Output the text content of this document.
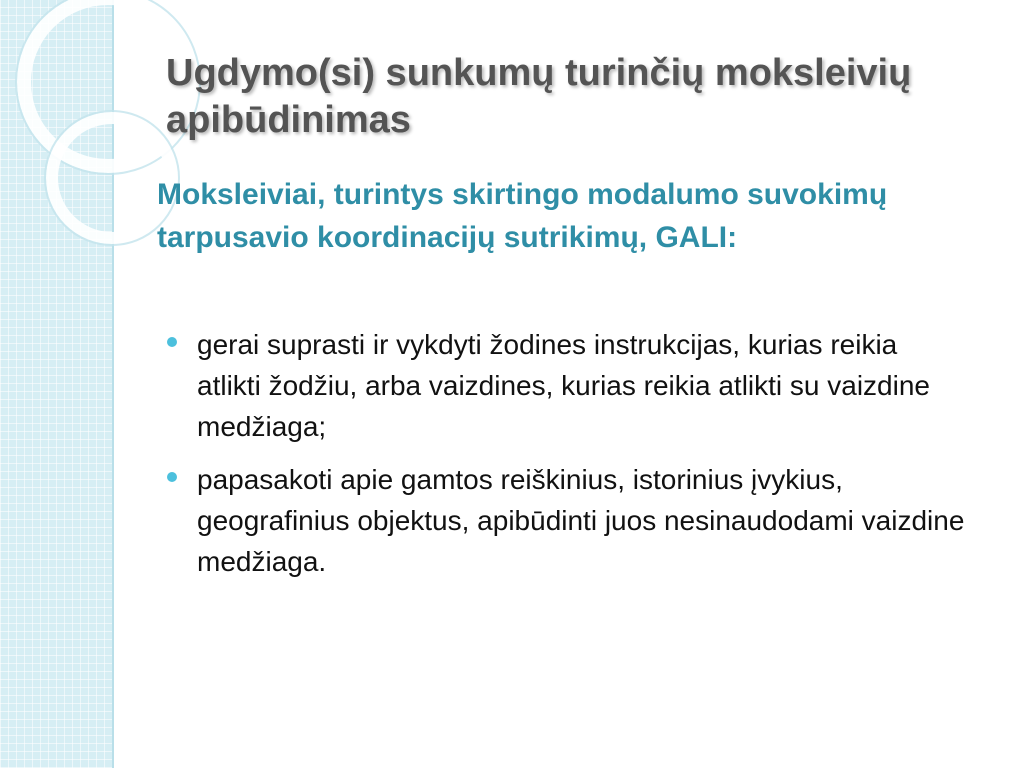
Ugdymo(si) sunkumų turinčių moksleivių apibūdinimas

Moksleiviai, turintys skirtingo modalumo suvokimų tarpusavio koordinacijų sutrikimų, GALI:

gerai suprasti ir vykdyti žodines instrukcijas, kurias reikia atlikti žodžiu, arba vaizdines, kurias reikia atlikti su vaizdine medžiaga;
papasakoti apie gamtos reiškinius, istorinius įvykius, geografinius objektus, apibūdinti juos nesinaudodami vaizdine medžiaga.
